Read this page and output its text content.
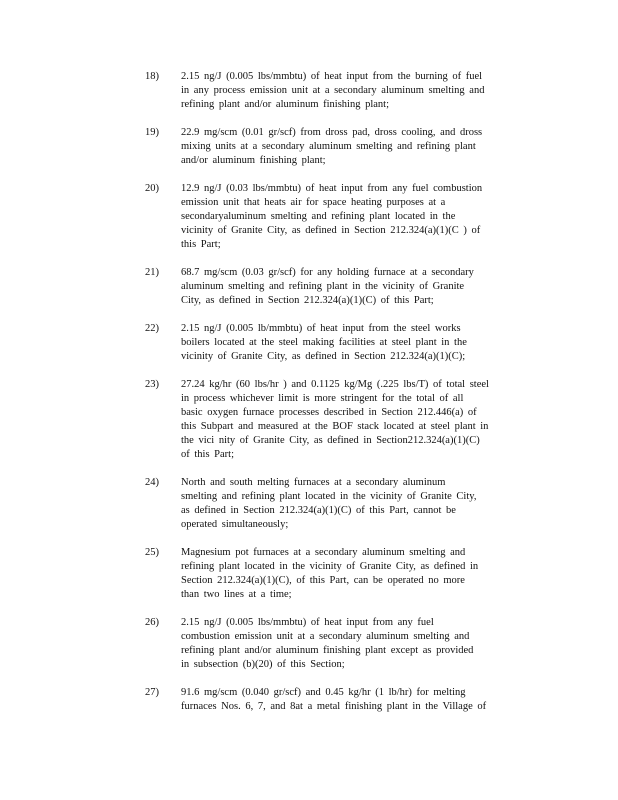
18)	2.15 ng/J (0.005 lbs/mmbtu) of heat input from the burning of fuel
in any process emission unit at a secondary aluminum smelting and
refining plant and/or aluminum finishing plant;
19)	22.9 mg/scm (0.01 gr/scf) from dross pad, dross cooling, and dross
mixing units at a secondary aluminum smelting and refining plant
and/or aluminum finishing plant;
20)	12.9 ng/J (0.03 lbs/mmbtu) of heat input from any fuel combustion
emission unit that heats air for space heating purposes at a
secondaryaluminum smelting and refining plant located in the
vicinity of Granite City, as defined in Section 212.324(a)(1)(C ) of
this Part;
21)	68.7 mg/scm (0.03 gr/scf) for any holding furnace at a secondary
aluminum smelting and refining plant in the vicinity of Granite
City, as defined in Section 212.324(a)(1)(C) of this Part;
22)	2.15 ng/J (0.005 lb/mmbtu) of heat input from the steel works
boilers located at the steel making facilities at steel plant in the
vicinity of Granite City, as defined in Section 212.324(a)(1)(C);
23)	27.24 kg/hr (60 lbs/hr ) and 0.1125 kg/Mg (.225 lbs/T) of total steel
in process whichever limit is more stringent for the total of all
basic oxygen furnace processes described in Section 212.446(a) of
this Subpart and measured at the BOF stack located at steel plant in
the vici nity of Granite City, as defined in Section212.324(a)(1)(C)
of this Part;
24)	North and south melting furnaces at a secondary aluminum
smelting and refining plant located in the vicinity of Granite City,
as defined in Section 212.324(a)(1)(C) of this Part, cannot be
operated simultaneously;
25)	Magnesium pot furnaces at a secondary aluminum smelting and
refining plant located in the vicinity of Granite City, as defined in
Section 212.324(a)(1)(C), of this Part, can be operated no more
than two lines at a time;
26)	2.15 ng/J (0.005 lbs/mmbtu) of heat input from any fuel
combustion emission unit at a secondary aluminum smelting and
refining plant and/or aluminum finishing plant except as provided
in subsection (b)(20) of this Section;
27)	91.6 mg/scm (0.040 gr/scf) and 0.45 kg/hr (1 lb/hr) for melting
furnaces Nos. 6, 7, and 8at a metal finishing plant in the Village of
